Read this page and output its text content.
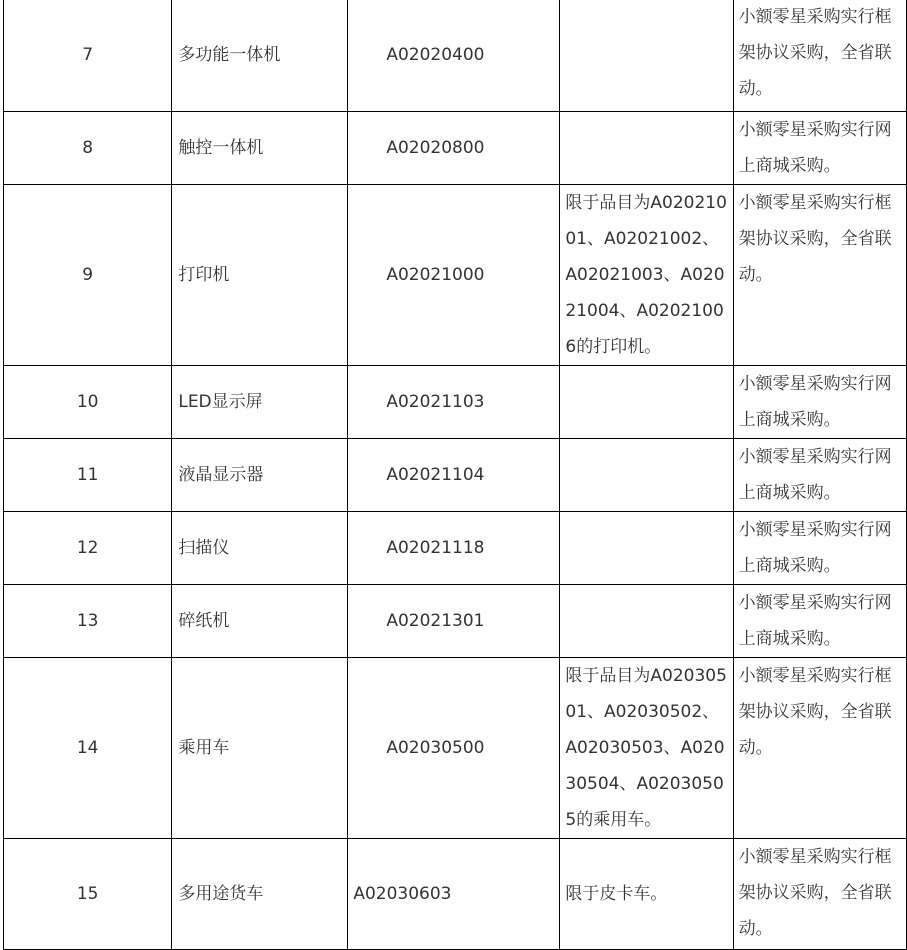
7	多功能一体机	A02020400		小额零星采购实行框架协议采购，全省联动。
8	触控一体机	A02020800		小额零星采购实行网上商城采购。
9	打印机	A02021000	限于品目为A02021001、A02021002、A02021003、A02021004、A02021006的打印机。	小额零星采购实行框架协议采购，全省联动。
10	LED显示屏	A02021103		小额零星采购实行网上商城采购。
11	液晶显示器	A02021104		小额零星采购实行网上商城采购。
12	扫描仪	A02021118		小额零星采购实行网上商城采购。
13	碎纸机	A02021301		小额零星采购实行网上商城采购。
14	乘用车	A02030500	限于品目为A02030501、A02030502、A02030503、A02030504、A02030505的乘用车。	小额零星采购实行框架协议采购，全省联动。
15	多用途货车	A02030603	限于皮卡车。	小额零星采购实行框架协议采购，全省联动。
